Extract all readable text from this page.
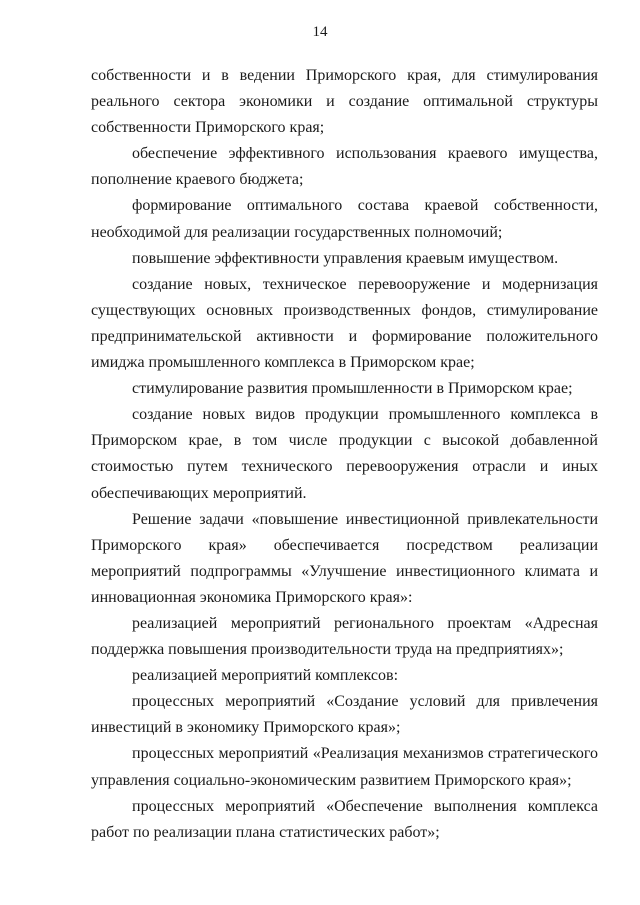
14

собственности и в ведении Приморского края, для стимулирования реального сектора экономики и создание оптимальной структуры собственности Приморского края;

обеспечение эффективного использования краевого имущества, пополнение краевого бюджета;

формирование оптимального состава краевой собственности, необходимой для реализации государственных полномочий;

повышение эффективности управления краевым имуществом.

создание новых, техническое перевооружение и модернизация существующих основных производственных фондов, стимулирование предпринимательской активности и формирование положительного имиджа промышленного комплекса в Приморском крае;

стимулирование развития промышленности в Приморском крае;

создание новых видов продукции промышленного комплекса в Приморском крае, в том числе продукции с высокой добавленной стоимостью путем технического перевооружения отрасли и иных обеспечивающих мероприятий.

Решение задачи «повышение инвестиционной привлекательности Приморского края» обеспечивается посредством реализации мероприятий подпрограммы «Улучшение инвестиционного климата и инновационная экономика Приморского края»:

реализацией мероприятий регионального проектам «Адресная поддержка повышения производительности труда на предприятиях»;

реализацией мероприятий комплексов:

процессных мероприятий «Создание условий для привлечения инвестиций в экономику Приморского края»;

процессных мероприятий «Реализация механизмов стратегического управления социально-экономическим развитием Приморского края»;

процессных мероприятий «Обеспечение выполнения комплекса работ по реализации плана статистических работ»;
